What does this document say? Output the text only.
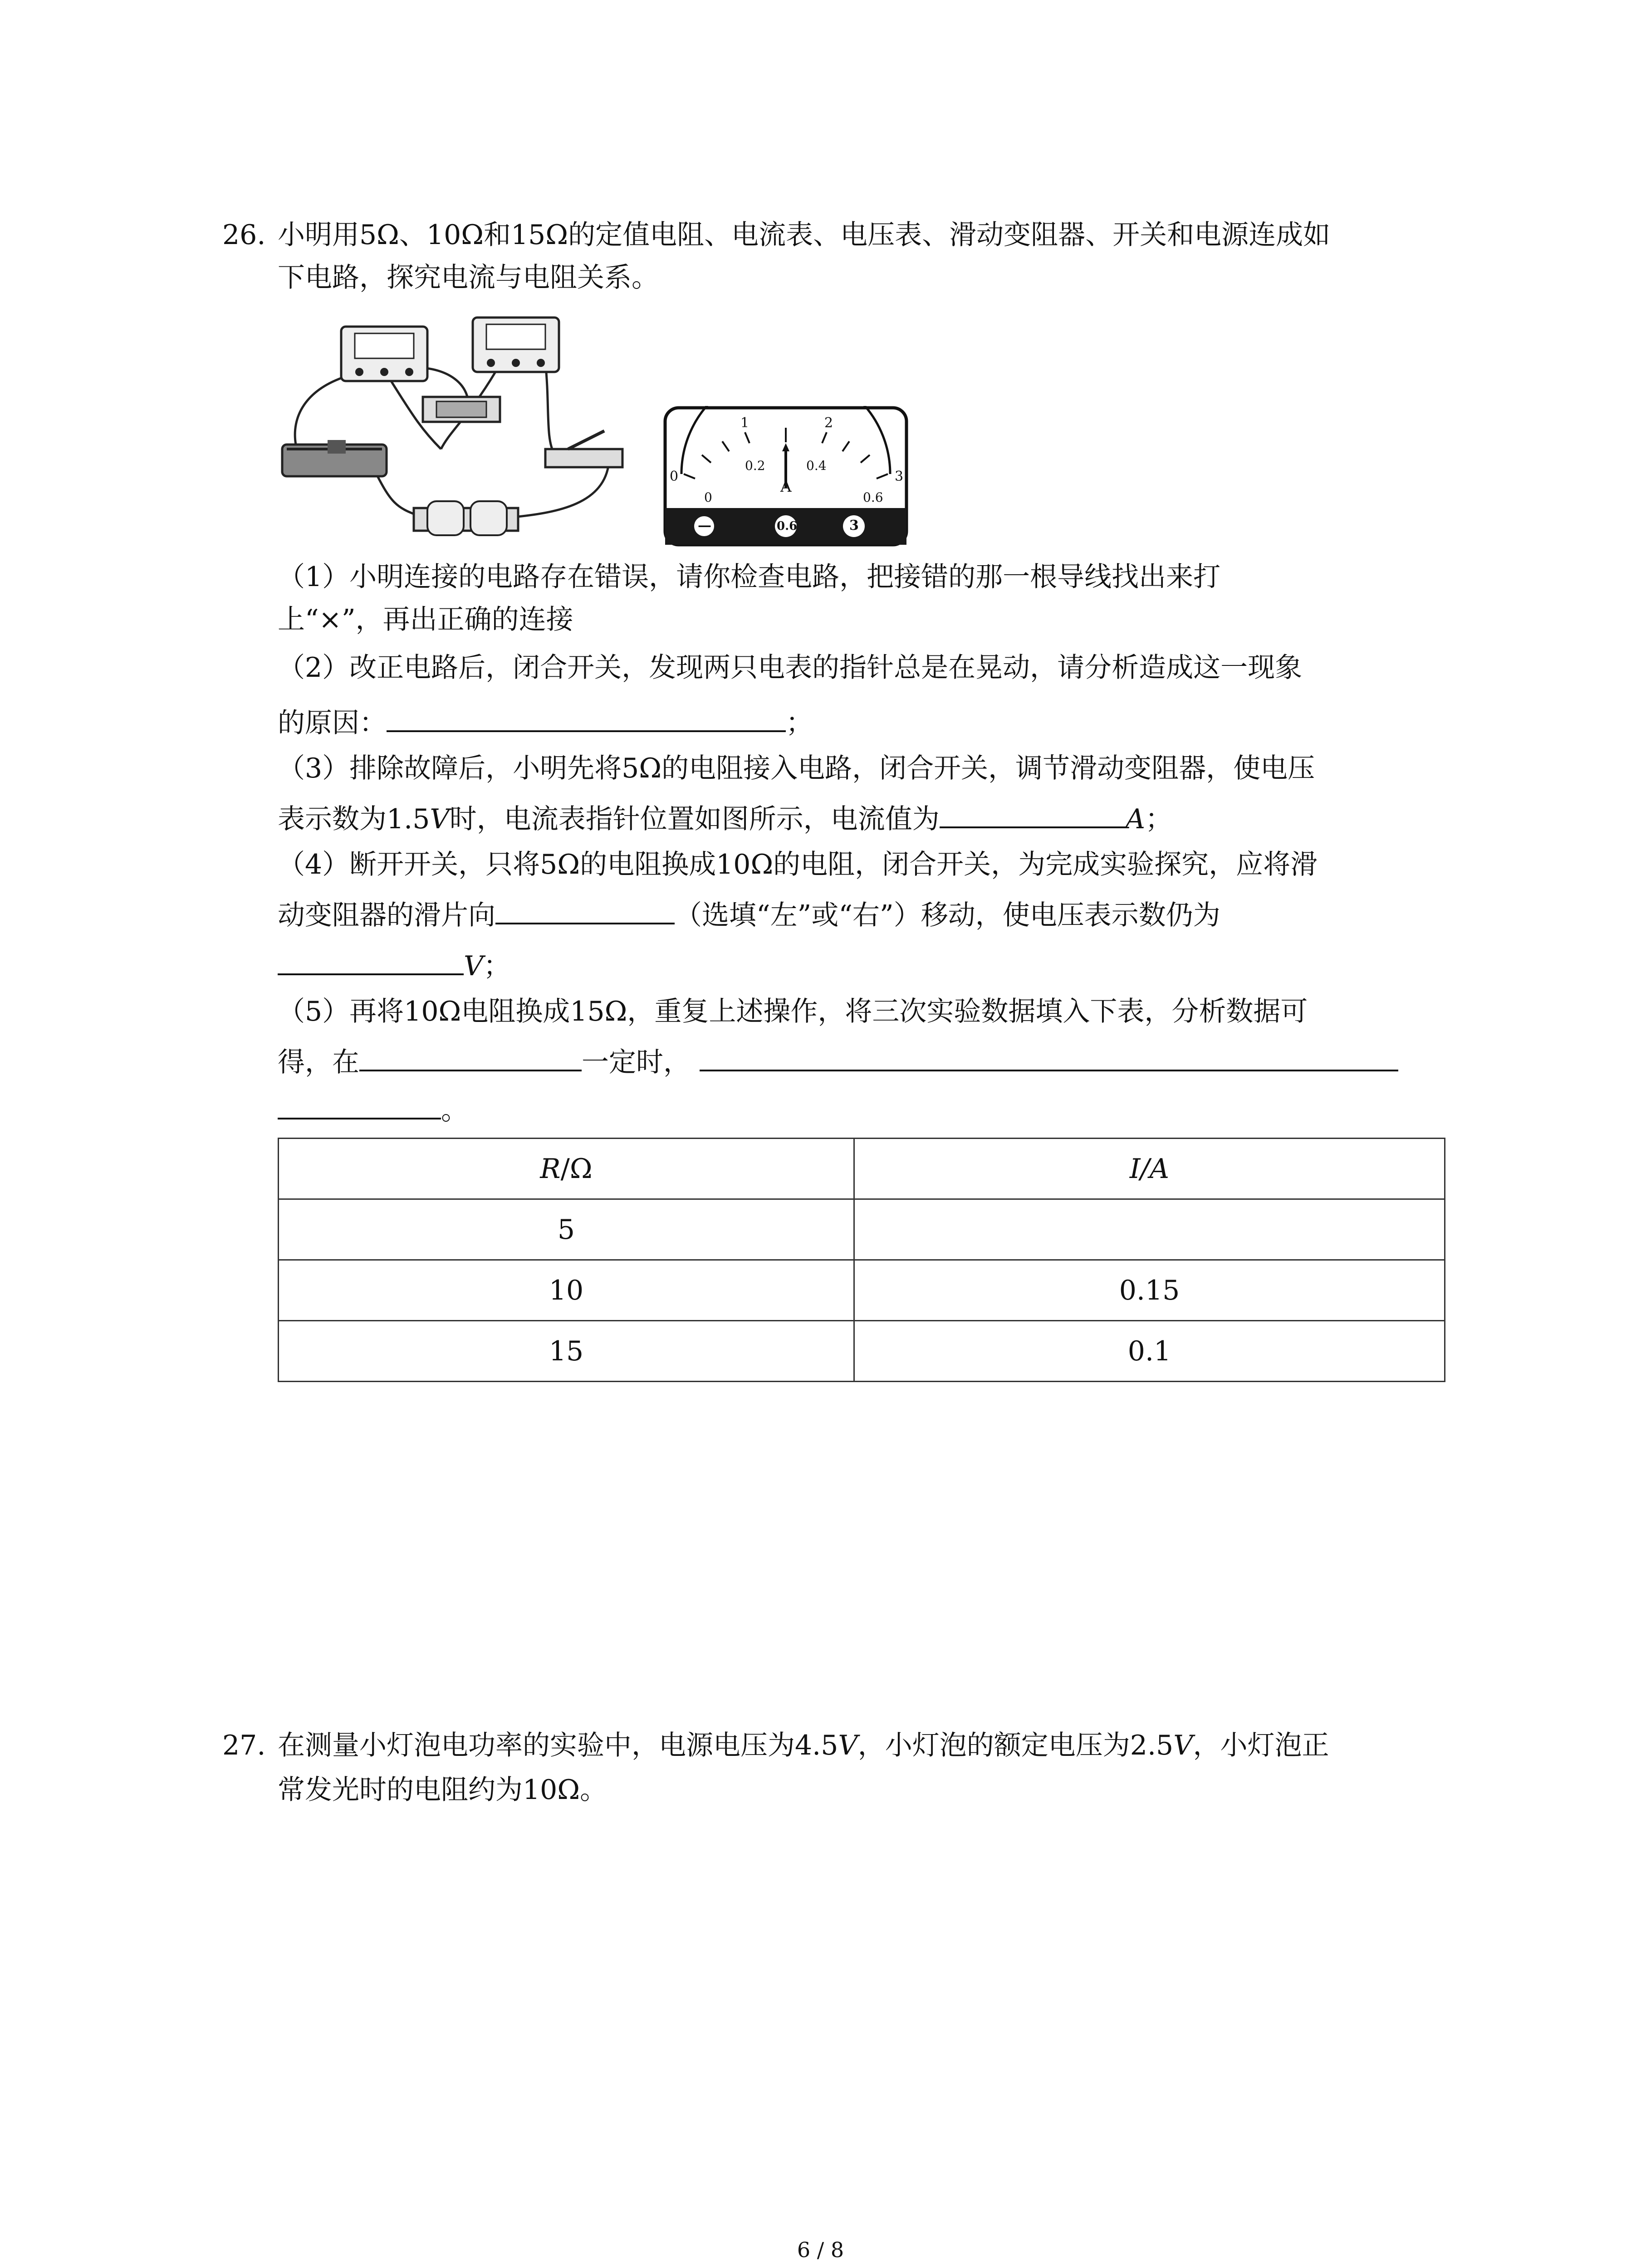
26. 小明用5Ω、10Ω和15Ω的定值电阻、电流表、电压表、滑动变阻器、开关和电源连成如
下电路，探究电流与电阻关系。
0
1	2
3
0
0.2	0.4
0.6
A
—	0.6	3
（1）小明连接的电路存在错误，请你检查电路，把接错的那一根导线找出来打
上“×”，再出正确的连接
（2）改正电路后，闭合开关，发现两只电表的指针总是在晃动，请分析造成这一现象
的原因：	；
（3）排除故障后，小明先将5Ω的电阻接入电路，闭合开关，调节滑动变阻器，使电压
表示数为1.5V时，电流表指针位置如图所示，电流值为	A；
（4）断开开关，只将5Ω的电阻换成10Ω的电阻，闭合开关，为完成实验探究，应将滑
动变阻器的滑片向	（选填“左”或“右”）移动，使电压表示数仍为
V；
（5）再将10Ω电阻换成15Ω，重复上述操作，将三次实验数据填入下表，分析数据可
得，在	一定时，
。
R/Ω	I/A
5	
10	0.15
15	0.1
27. 在测量小灯泡电功率的实验中，电源电压为4.5V，小灯泡的额定电压为2.5V，小灯泡正
常发光时的电阻约为10Ω。
6 / 8
